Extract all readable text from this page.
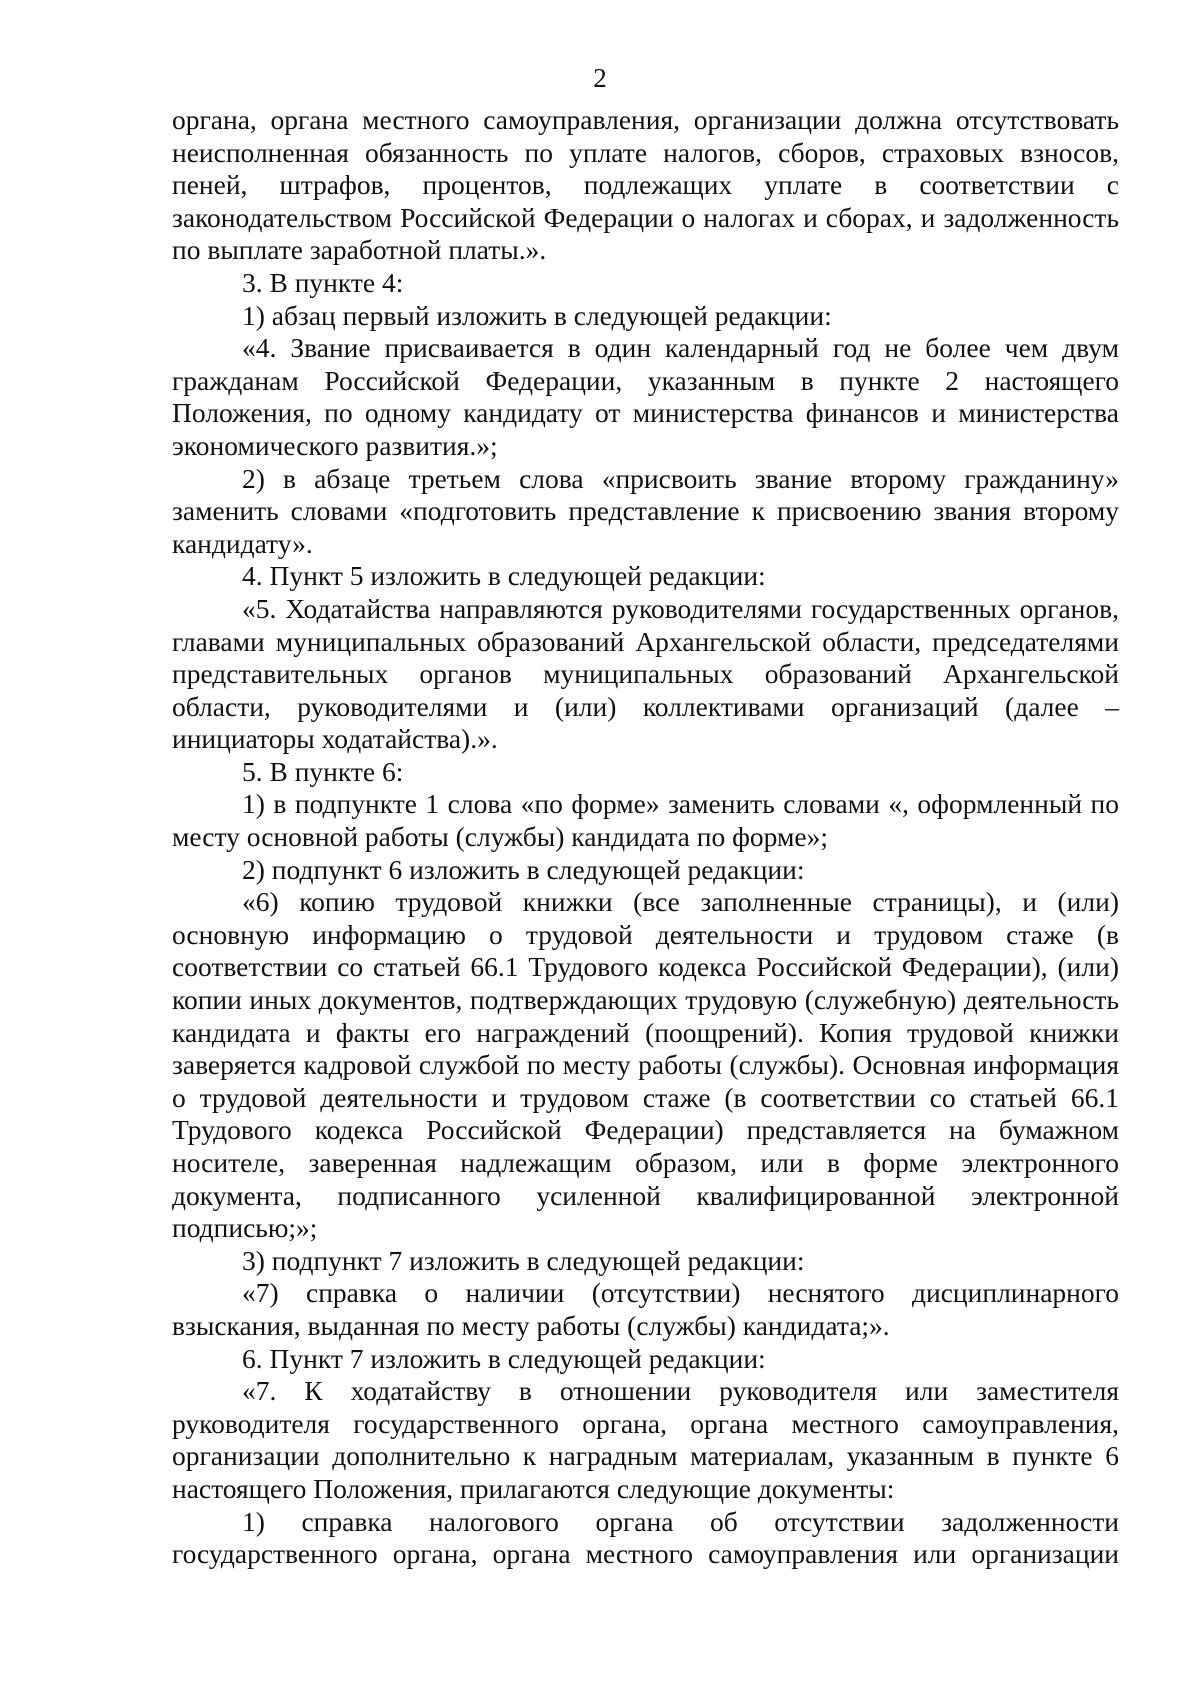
2

органа, органа местного самоуправления, организации должна отсутствовать неисполненная обязанность по уплате налогов, сборов, страховых взносов, пеней, штрафов, процентов, подлежащих уплате в соответствии с законодательством Российской Федерации о налогах и сборах, и задолженность по выплате заработной платы.».

3. В пункте 4:

1) абзац первый изложить в следующей редакции:

«4. Звание присваивается в один календарный год не более чем двум гражданам Российской Федерации, указанным в пункте 2 настоящего Положения, по одному кандидату от министерства финансов и министерства экономического развития.»;

2) в абзаце третьем слова «присвоить звание второму гражданину» заменить словами «подготовить представление к присвоению звания второму кандидату».

4. Пункт 5 изложить в следующей редакции:

«5. Ходатайства направляются руководителями государственных органов, главами муниципальных образований Архангельской области, председателями представительных органов муниципальных образований Архангельской области, руководителями и (или) коллективами организаций (далее – инициаторы ходатайства).».

5. В пункте 6:

1) в подпункте 1 слова «по форме» заменить словами «, оформленный по месту основной работы (службы) кандидата по форме»;

2) подпункт 6 изложить в следующей редакции:

«6) копию трудовой книжки (все заполненные страницы), и (или) основную информацию о трудовой деятельности и трудовом стаже (в соответствии со статьей 66.1 Трудового кодекса Российской Федерации), (или) копии иных документов, подтверждающих трудовую (служебную) деятельность кандидата и факты его награждений (поощрений). Копия трудовой книжки заверяется кадровой службой по месту работы (службы). Основная информация о трудовой деятельности и трудовом стаже (в соответствии со статьей 66.1 Трудового кодекса Российской Федерации) представляется на бумажном носителе, заверенная надлежащим образом, или в форме электронного документа, подписанного усиленной квалифицированной электронной подписью;»;

3) подпункт 7 изложить в следующей редакции:

«7) справка о наличии (отсутствии) неснятого дисциплинарного взыскания, выданная по месту работы (службы) кандидата;».

6. Пункт 7 изложить в следующей редакции:

«7. К ходатайству в отношении руководителя или заместителя руководителя государственного органа, органа местного самоуправления, организации дополнительно к наградным материалам, указанным в пункте 6 настоящего Положения, прилагаются следующие документы:

1) справка налогового органа об отсутствии задолженности государственного органа, органа местного самоуправления или организации
